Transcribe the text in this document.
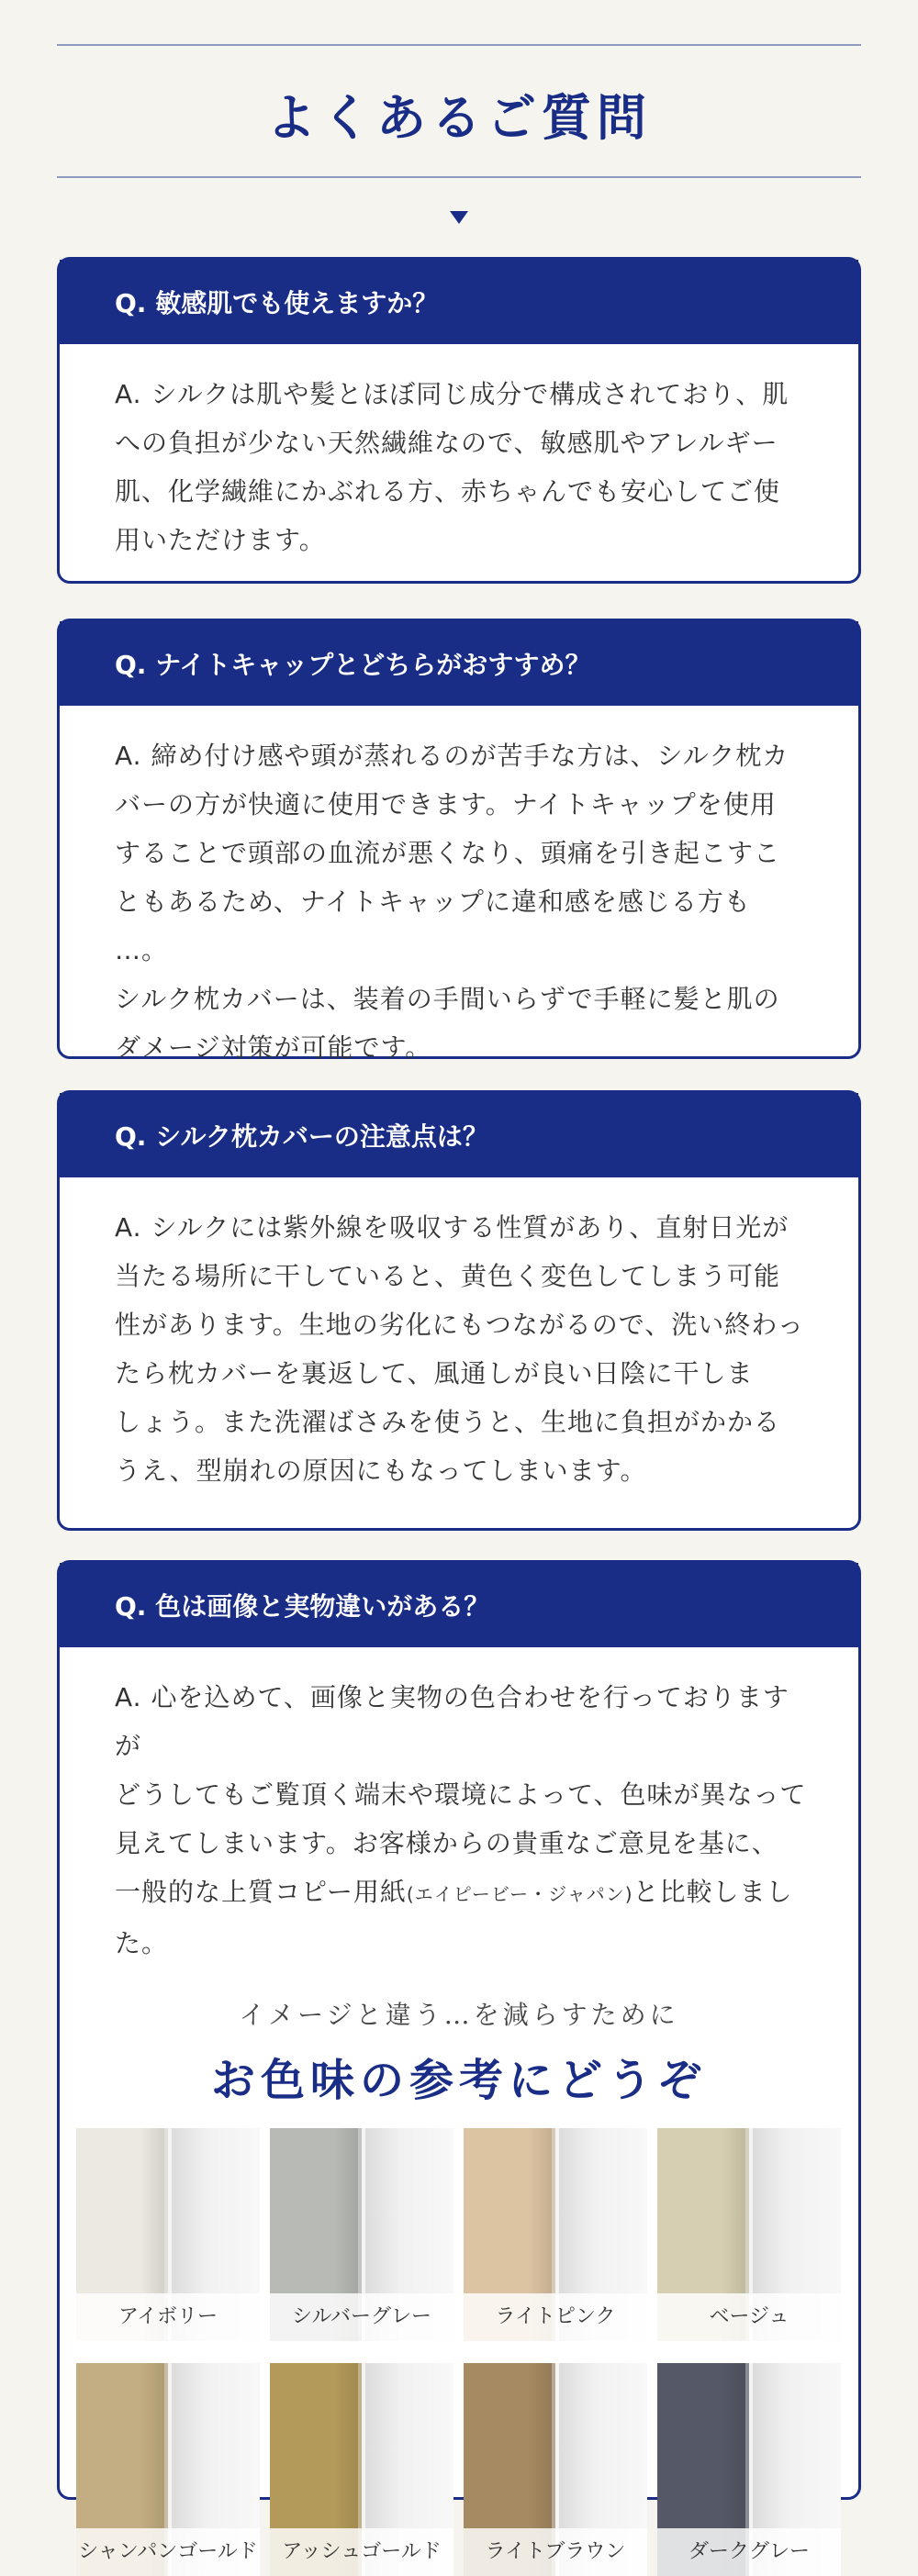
よくあるご質問
Q. 敏感肌でも使えますか？
A. シルクは肌や髪とほぼ同じ成分で構成されており、肌
への負担が少ない天然繊維なので、敏感肌やアレルギー
肌、化学繊維にかぶれる方、赤ちゃんでも安心してご使
用いただけます。
Q. ナイトキャップとどちらがおすすめ？
A. 締め付け感や頭が蒸れるのが苦手な方は、シルク枕カ
バーの方が快適に使用できます。ナイトキャップを使用
することで頭部の血流が悪くなり、頭痛を引き起こすこ
ともあるため、ナイトキャップに違和感を感じる方も …。
シルク枕カバーは、装着の手間いらずで手軽に髪と肌の
ダメージ対策が可能です。
Q. シルク枕カバーの注意点は？
A. シルクには紫外線を吸収する性質があり、直射日光が
当たる場所に干していると、黄色く変色してしまう可能
性があります。生地の劣化にもつながるので、洗い終わっ
たら枕カバーを裏返して、風通しが良い日陰に干しま
しょう。また洗濯ばさみを使うと、生地に負担がかかる
うえ、型崩れの原因にもなってしまいます。
Q. 色は画像と実物違いがある？
A. 心を込めて、画像と実物の色合わせを行っておりますが
どうしてもご覧頂く端末や環境によって、色味が異なって
見えてしまいます。お客様からの貴重なご意見を基に、
一般的な上質コピー用紙(エイピービー・ジャパン)と比較しました。
イメージと違う…を減らすために
お色味の参考にどうぞ
アイボリー	シルバーグレー	ライトピンク	ベージュ
シャンパンゴールド	アッシュゴールド	ライトブラウン	ダークグレー
